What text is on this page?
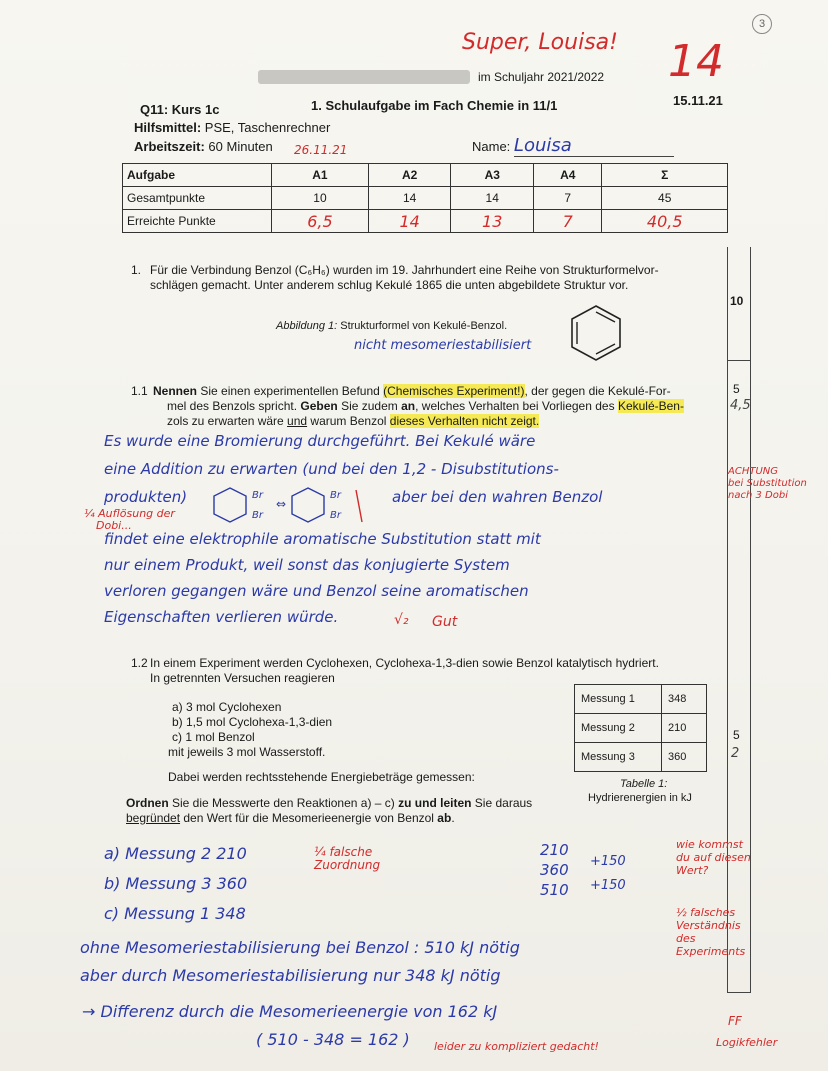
Super, Louisa! 14
3
im Schuljahr 2021/2022
Q11: Kurs 1c	1. Schulaufgabe im Fach Chemie in 11/1	15.11.21
Hilfsmittel: PSE, Taschenrechner
Arbeitszeit: 60 Minuten 26.11.21	Name: Louisa
Aufgabe	A1	A2	A3	A4	Σ
Gesamtpunkte	10	14	14	7	45
Erreichte Punkte	6,5	14	13	7	40,5
10
1. Für die Verbindung Benzol (C₆H₆) wurden im 19. Jahrhundert eine Reihe von Strukturformelvor-
schlägen gemacht. Unter anderem schlug Kekulé 1865 die unten abgebildete Struktur vor.
Abbildung 1: Strukturformel von Kekulé-Benzol.
nicht mesomeriestabilisiert
1.1 Nennen Sie einen experimentellen Befund (Chemisches Experiment!), der gegen die Kekulé-For-
mel des Benzols spricht. Geben Sie zudem an, welches Verhalten bei Vorliegen des Kekulé-Ben-
zols zu erwarten wäre und warum Benzol dieses Verhalten nicht zeigt.
5
4,5
Es wurde eine Bromierung durchgeführt. Bei Kekulé wäre
eine Addition zu erwarten (und bei den 1,2 - Disubstitutions-
produkten)	Br
Br
⇔
Br
Br
aber bei den wahren Benzol
findet eine elektrophile aromatische Substitution statt mit
nur einem Produkt, weil sonst das konjugierte System
verloren gegangen wäre und Benzol seine aromatischen
Eigenschaften verlieren würde.	√₂ Gut
¼ Auflösung der
Dobi...
ACHTUNG
bei Substitution
nach 3 Dobi
1.2 In einem Experiment werden Cyclohexen, Cyclohexa-1,3-dien sowie Benzol katalytisch hydriert.
In getrennten Versuchen reagieren
a) 3 mol Cyclohexen
b) 1,5 mol Cyclohexa-1,3-dien
c) 1 mol Benzol
mit jeweils 3 mol Wasserstoff.
Dabei werden rechtsstehende Energiebeträge gemessen:
Messung 1	348
Messung 2	210
Messung 3	360
Tabelle 1:
Hydrierenergien in kJ
Ordnen Sie die Messwerte den Reaktionen a) – c) zu und leiten Sie daraus
begründet den Wert für die Mesomerieenergie von Benzol ab.
5
2
a) Messung 2 210
b) Messung 3 360
c) Messung 1 348
¼ falsche Zuordnung
210
360
510
+150
+150
wie kommst
du auf diesen
Wert?
½ falsches
Verständnis
des
Experiments
ohne Mesomeriestabilisierung bei Benzol : 510 kJ nötig
aber durch Mesomeriestabilisierung nur 348 kJ nötig
→ Differenz durch die Mesomerieenergie von 162 kJ
( 510 - 348 = 162 )
FF
Logikfehler
leider zu kompliziert gedacht!
